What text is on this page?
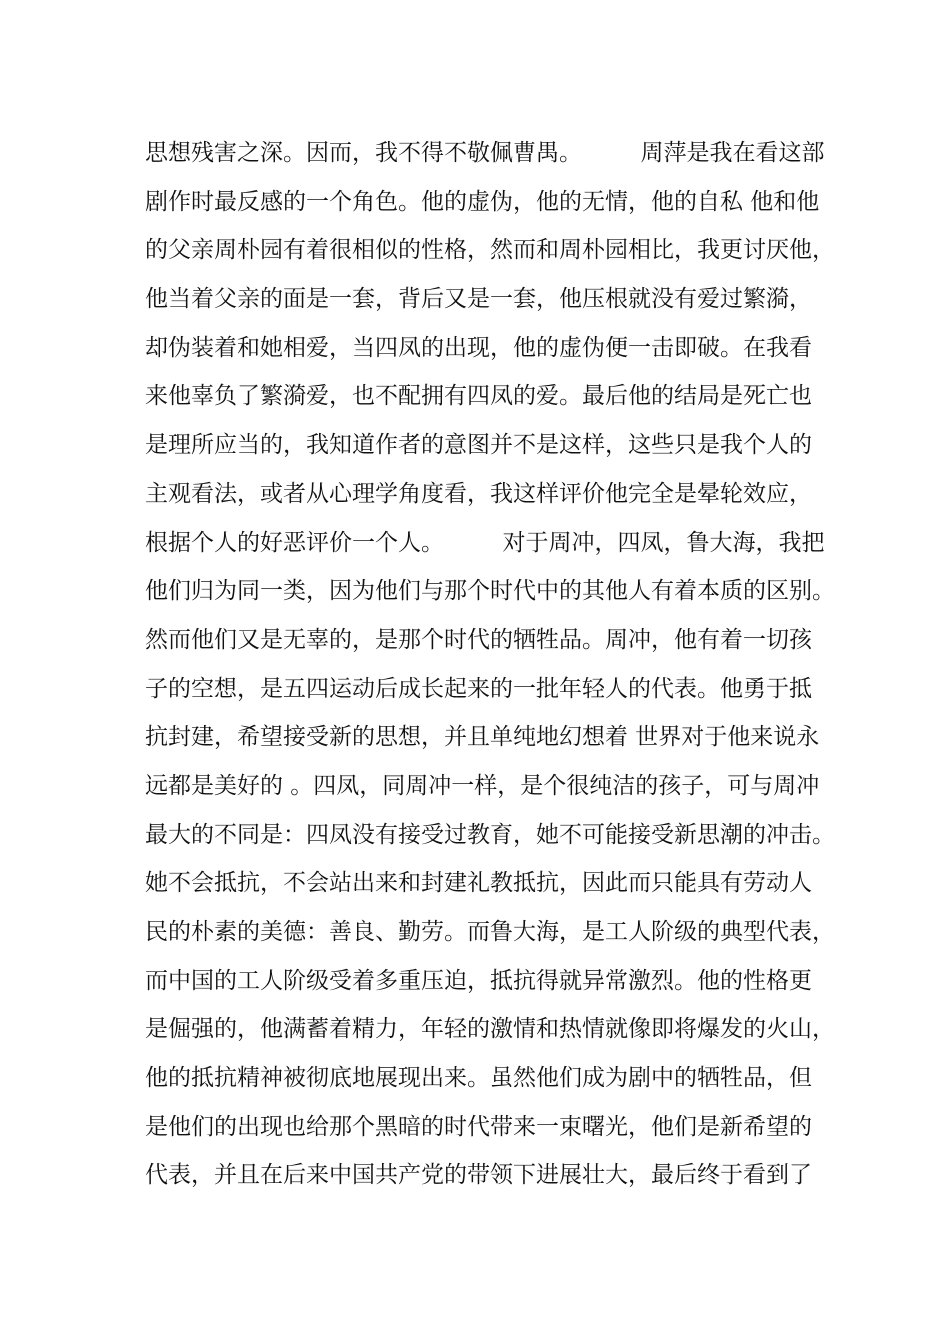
思想残害之深。因而，我不得不敬佩曹禺。        周萍是我在看这部
剧作时最反感的一个角色。他的虚伪，他的无情，他的自私 他和他
的父亲周朴园有着很相似的性格，然而和周朴园相比，我更讨厌他，
他当着父亲的面是一套，背后又是一套，他压根就没有爱过繁漪，
却伪装着和她相爱，当四凤的出现，他的虚伪便一击即破。在我看
来他辜负了繁漪爱，也不配拥有四凤的爱。最后他的结局是死亡也
是理所应当的，我知道作者的意图并不是这样，这些只是我个人的
主观看法，或者从心理学角度看，我这样评价他完全是晕轮效应，
根据个人的好恶评价一个人。        对于周冲，四凤，鲁大海，我把
他们归为同一类，因为他们与那个时代中的其他人有着本质的区别。
然而他们又是无辜的，是那个时代的牺牲品。周冲，他有着一切孩
子的空想，是五四运动后成长起来的一批年轻人的代表。他勇于抵
抗封建，希望接受新的思想，并且单纯地幻想着 世界对于他来说永
远都是美好的 。四凤，同周冲一样，是个很纯洁的孩子，可与周冲
最大的不同是：四凤没有接受过教育，她不可能接受新思潮的冲击。
她不会抵抗，不会站出来和封建礼教抵抗，因此而只能具有劳动人
民的朴素的美德：善良、勤劳。而鲁大海，是工人阶级的典型代表，
而中国的工人阶级受着多重压迫，抵抗得就异常激烈。他的性格更
是倔强的，他满蓄着精力，年轻的激情和热情就像即将爆发的火山，
他的抵抗精神被彻底地展现出来。虽然他们成为剧中的牺牲品，但
是他们的出现也给那个黑暗的时代带来一束曙光，他们是新希望的
代表，并且在后来中国共产党的带领下进展壮大，最后终于看到了
